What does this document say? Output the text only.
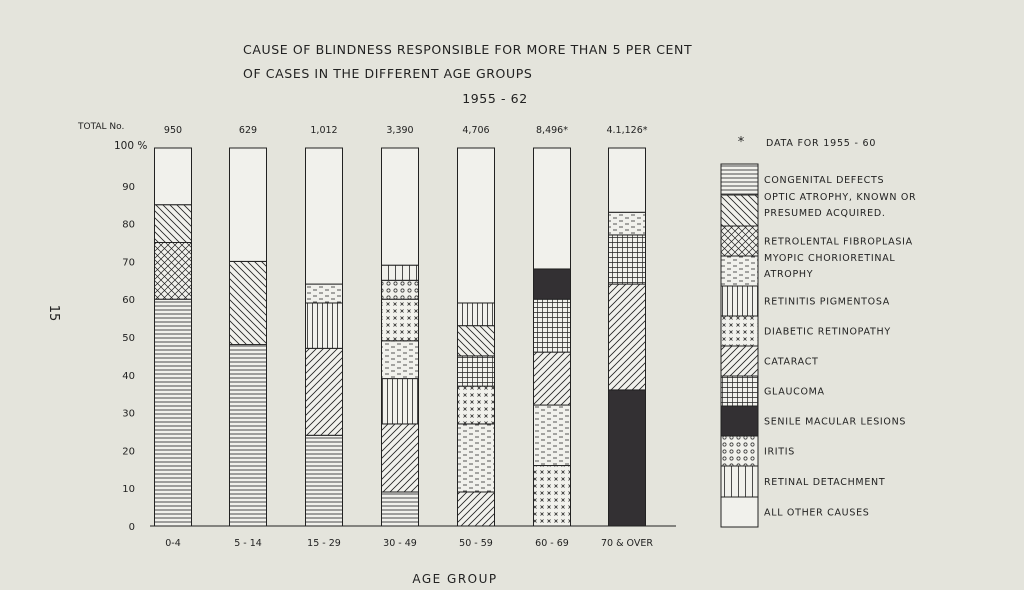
15
CAUSE OF BLINDNESS RESPONSIBLE FOR MORE THAN 5 PER CENT
OF CASES IN THE DIFFERENT AGE GROUPS
1955 - 62
TOTAL No.
100 %
0
10
20
30
40
50
60
70
80
90
950	629	1,012	3,390	4,706	8,496*	4.1,126*
0-4	5 - 14	15 - 29	30 - 49	50 - 59	60 - 69	70 & OVER
AGE GROUP
* DATA FOR 1955 - 60
CONGENITAL DEFECTS
OPTIC ATROPHY, KNOWN OR
PRESUMED ACQUIRED.
RETROLENTAL FIBROPLASIA
MYOPIC CHORIORETINAL
ATROPHY
RETINITIS PIGMENTOSA
DIABETIC RETINOPATHY
CATARACT
GLAUCOMA
SENILE MACULAR LESIONS
IRITIS
RETINAL DETACHMENT
ALL OTHER CAUSES
